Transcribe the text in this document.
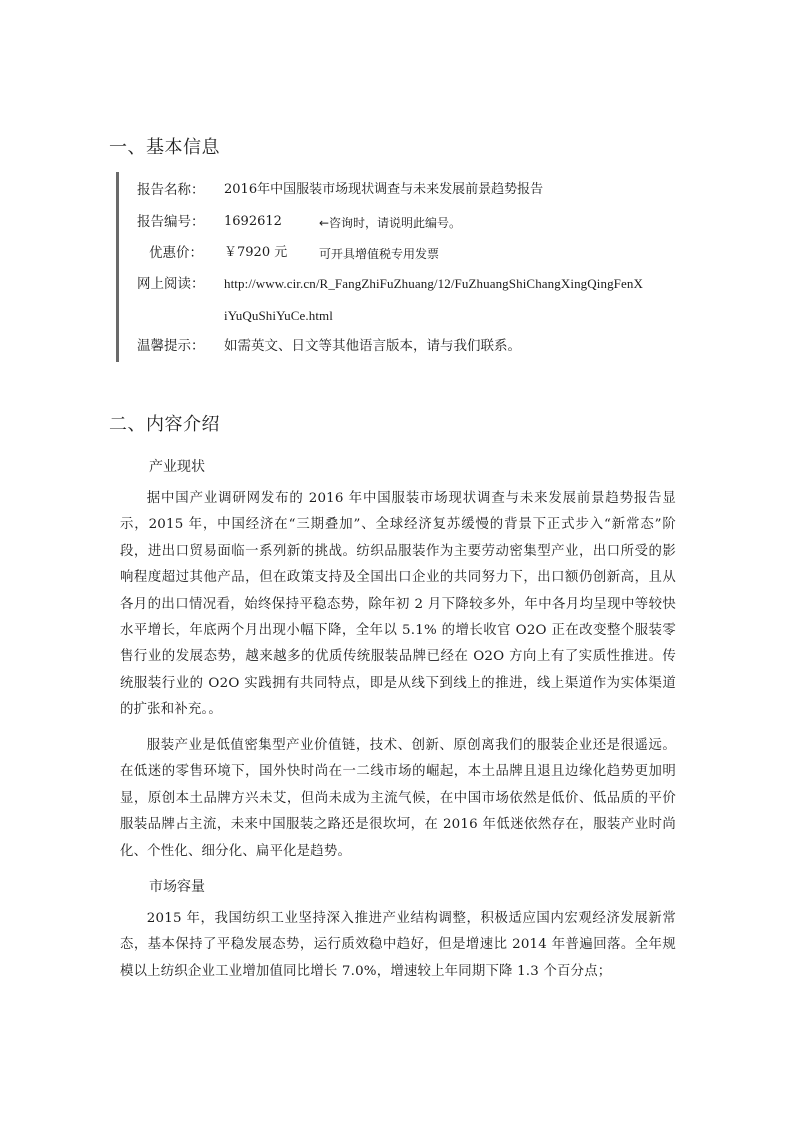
一、基本信息
报告名称： 2016年中国服装市场现状调查与未来发展前景趋势报告
报告编号： 1692612	←咨询时，请说明此编号。
优惠价： ￥7920 元	可开具增值税专用发票
网上阅读： http://www.cir.cn/R_FangZhiFuZhuang/12/FuZhuangShiChangXingQingFenX
iYuQuShiYuCe.html
温馨提示： 如需英文、日文等其他语言版本，请与我们联系。
二、内容介绍
产业现状
据中国产业调研网发布的 2016 年中国服装市场现状调查与未来发展前景趋势报告显示，2015 年，中国经济在“三期叠加”、全球经济复苏缓慢的背景下正式步入“新常态”阶段，进出口贸易面临一系列新的挑战。纺织品服装作为主要劳动密集型产业，出口所受的影响程度超过其他产品，但在政策支持及全国出口企业的共同努力下，出口额仍创新高，且从各月的出口情况看，始终保持平稳态势，除年初 2 月下降较多外，年中各月均呈现中等较快水平增长，年底两个月出现小幅下降，全年以 5.1% 的增长收官 O2O 正在改变整个服装零售行业的发展态势，越来越多的优质传统服装品牌已经在 O2O 方向上有了实质性推进。传统服装行业的 O2O 实践拥有共同特点，即是从线下到线上的推进，线上渠道作为实体渠道的扩张和补充。。
服装产业是低值密集型产业价值链，技术、创新、原创离我们的服装企业还是很遥远。在低迷的零售环境下，国外快时尚在一二线市场的崛起，本土品牌且退且边缘化趋势更加明显，原创本土品牌方兴未艾，但尚未成为主流气候，在中国市场依然是低价、低品质的平价服装品牌占主流，未来中国服装之路还是很坎坷，在 2016 年低迷依然存在，服装产业时尚化、个性化、细分化、扁平化是趋势。
市场容量
2015 年，我国纺织工业坚持深入推进产业结构调整，积极适应国内宏观经济发展新常态，基本保持了平稳发展态势，运行质效稳中趋好，但是增速比 2014 年普遍回落。全年规模以上纺织企业工业增加值同比增长 7.0%，增速较上年同期下降 1.3 个百分点；
